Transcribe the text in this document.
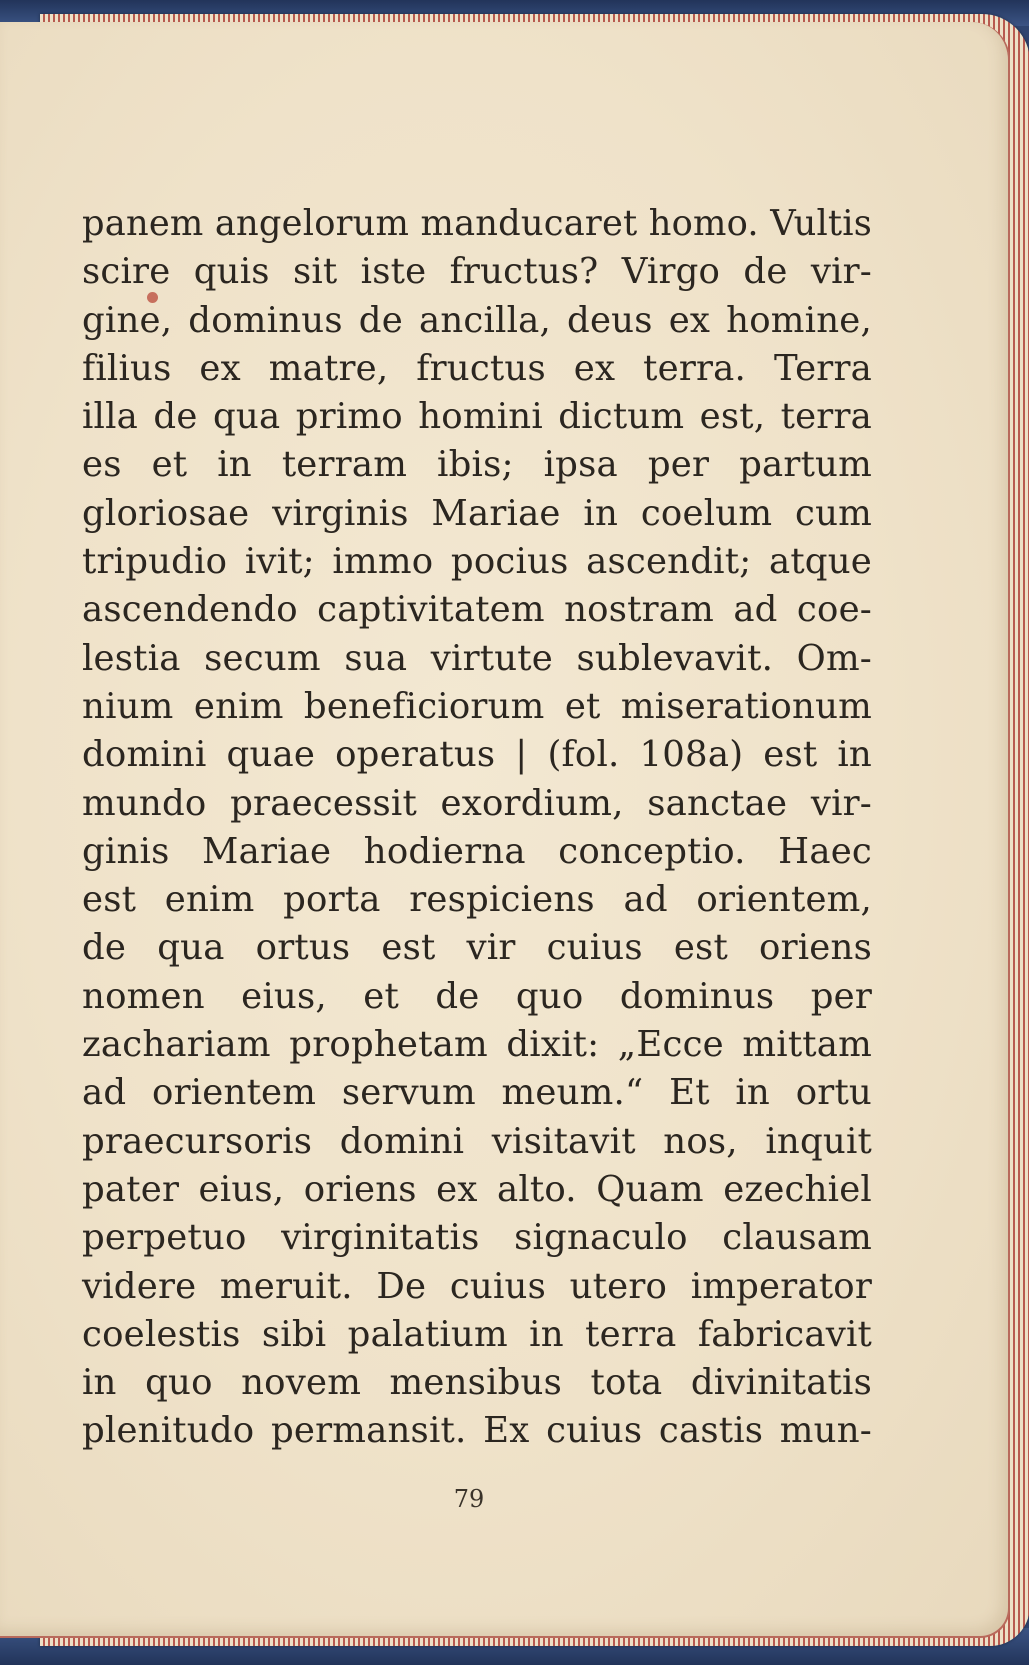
panem angelorum manducaret homo. Vultis
scire quis sit iste fructus? Virgo de vir-
gine, dominus de ancilla, deus ex homine,
filius ex matre, fructus ex terra. Terra
illa de qua primo homini dictum est, terra
es et in terram ibis; ipsa per partum
gloriosae virginis Mariae in coelum cum
tripudio ivit; immo pocius ascendit; atque
ascendendo captivitatem nostram ad coe-
lestia secum sua virtute sublevavit. Om-
nium enim beneficiorum et miserationum
domini quae operatus | (fol. 108a) est in
mundo praecessit exordium, sanctae vir-
ginis Mariae hodierna conceptio. Haec
est enim porta respiciens ad orientem,
de qua ortus est vir cuius est oriens
nomen eius, et de quo dominus per
zachariam prophetam dixit: „Ecce mittam
ad orientem servum meum.“ Et in ortu
praecursoris domini visitavit nos, inquit
pater eius, oriens ex alto. Quam ezechiel
perpetuo virginitatis signaculo clausam
videre meruit. De cuius utero imperator
coelestis sibi palatium in terra fabricavit
in quo novem mensibus tota divinitatis
plenitudo permansit. Ex cuius castis mun-
79
